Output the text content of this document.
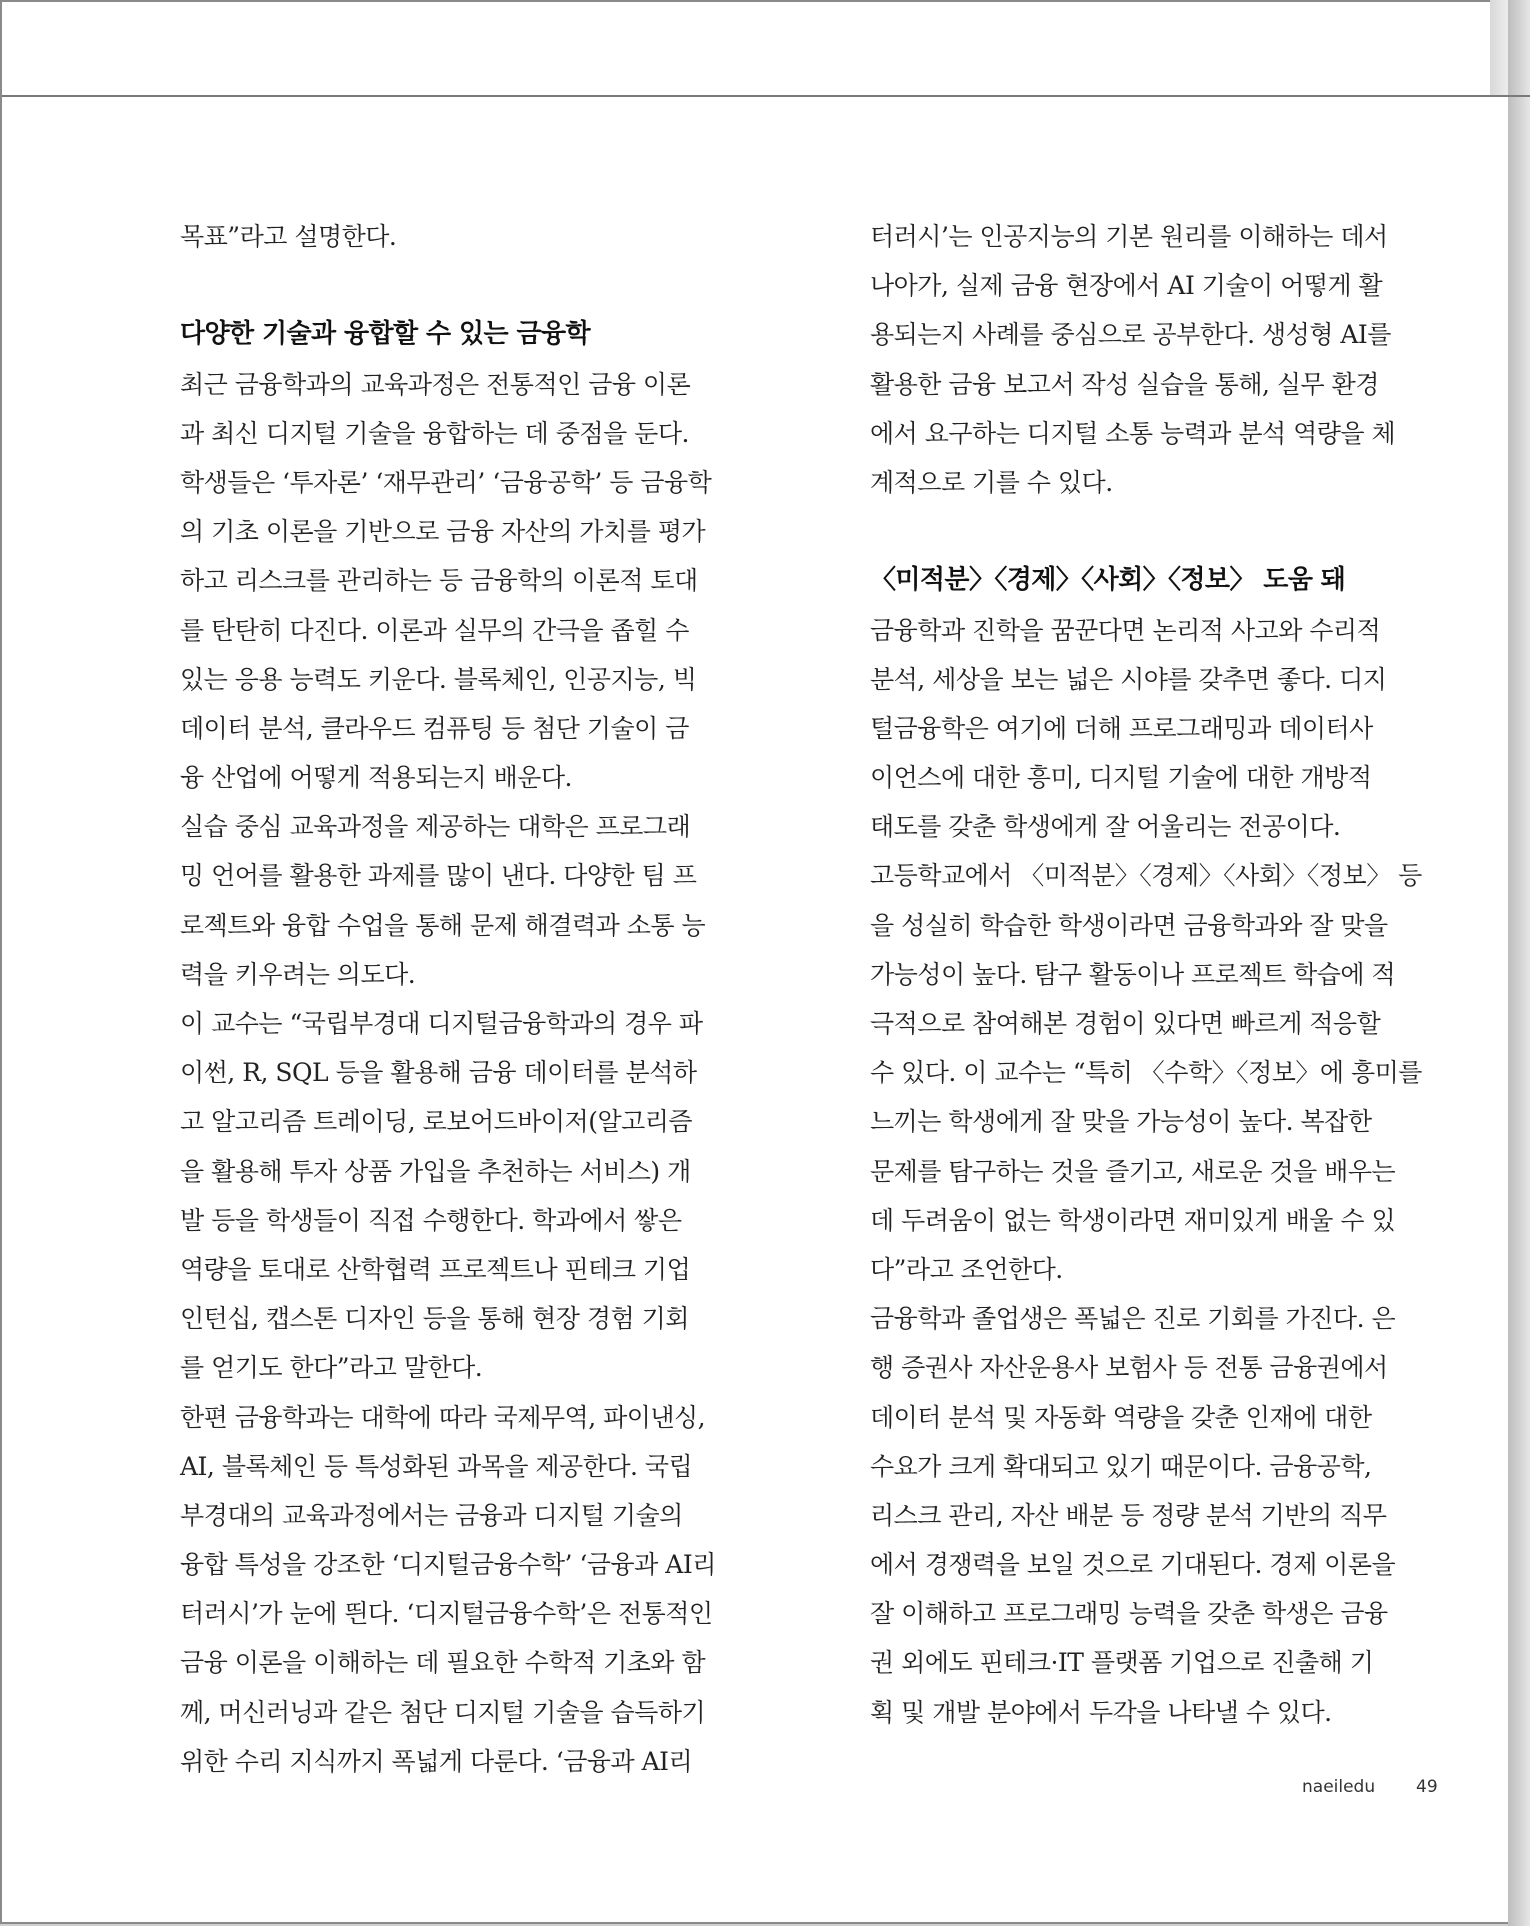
목표”라고 설명한다.
다양한 기술과 융합할 수 있는 금융학
최근 금융학과의 교육과정은 전통적인 금융 이론
과 최신 디지털 기술을 융합하는 데 중점을 둔다.
학생들은 ‘투자론’ ‘재무관리’ ‘금융공학’ 등 금융학
의 기초 이론을 기반으로 금융 자산의 가치를 평가
하고 리스크를 관리하는 등 금융학의 이론적 토대
를 탄탄히 다진다. 이론과 실무의 간극을 좁힐 수
있는 응용 능력도 키운다. 블록체인, 인공지능, 빅
데이터 분석, 클라우드 컴퓨팅 등 첨단 기술이 금
융 산업에 어떻게 적용되는지 배운다.
실습 중심 교육과정을 제공하는 대학은 프로그래
밍 언어를 활용한 과제를 많이 낸다. 다양한 팀 프
로젝트와 융합 수업을 통해 문제 해결력과 소통 능
력을 키우려는 의도다.
이 교수는 “국립부경대 디지털금융학과의 경우 파
이썬, R, SQL 등을 활용해 금융 데이터를 분석하
고 알고리즘 트레이딩, 로보어드바이저(알고리즘
을 활용해 투자 상품 가입을 추천하는 서비스) 개
발 등을 학생들이 직접 수행한다. 학과에서 쌓은
역량을 토대로 산학협력 프로젝트나 핀테크 기업
인턴십, 캡스톤 디자인 등을 통해 현장 경험 기회
를 얻기도 한다”라고 말한다.
한편 금융학과는 대학에 따라 국제무역, 파이낸싱,
AI, 블록체인 등 특성화된 과목을 제공한다. 국립
부경대의 교육과정에서는 금융과 디지털 기술의
융합 특성을 강조한 ‘디지털금융수학’ ‘금융과 AI리
터러시’가 눈에 띈다. ‘디지털금융수학’은 전통적인
금융 이론을 이해하는 데 필요한 수학적 기초와 함
께, 머신러닝과 같은 첨단 디지털 기술을 습득하기
위한 수리 지식까지 폭넓게 다룬다. ‘금융과 AI리
터러시’는 인공지능의 기본 원리를 이해하는 데서
나아가, 실제 금융 현장에서 AI 기술이 어떻게 활
용되는지 사례를 중심으로 공부한다. 생성형 AI를
활용한 금융 보고서 작성 실습을 통해, 실무 환경
에서 요구하는 디지털 소통 능력과 분석 역량을 체
계적으로 기를 수 있다.
〈미적분〉〈경제〉〈사회〉〈정보〉 도움 돼
금융학과 진학을 꿈꾼다면 논리적 사고와 수리적
분석, 세상을 보는 넓은 시야를 갖추면 좋다. 디지
털금융학은 여기에 더해 프로그래밍과 데이터사
이언스에 대한 흥미, 디지털 기술에 대한 개방적
태도를 갖춘 학생에게 잘 어울리는 전공이다.
고등학교에서 〈미적분〉〈경제〉〈사회〉〈정보〉 등
을 성실히 학습한 학생이라면 금융학과와 잘 맞을
가능성이 높다. 탐구 활동이나 프로젝트 학습에 적
극적으로 참여해본 경험이 있다면 빠르게 적응할
수 있다. 이 교수는 “특히 〈수학〉〈정보〉에 흥미를
느끼는 학생에게 잘 맞을 가능성이 높다. 복잡한
문제를 탐구하는 것을 즐기고, 새로운 것을 배우는
데 두려움이 없는 학생이라면 재미있게 배울 수 있
다”라고 조언한다.
금융학과 졸업생은 폭넓은 진로 기회를 가진다. 은
행 증권사 자산운용사 보험사 등 전통 금융권에서
데이터 분석 및 자동화 역량을 갖춘 인재에 대한
수요가 크게 확대되고 있기 때문이다. 금융공학,
리스크 관리, 자산 배분 등 정량 분석 기반의 직무
에서 경쟁력을 보일 것으로 기대된다. 경제 이론을
잘 이해하고 프로그래밍 능력을 갖춘 학생은 금융
권 외에도 핀테크·IT 플랫폼 기업으로 진출해 기
획 및 개발 분야에서 두각을 나타낼 수 있다.
naeiledu 49
